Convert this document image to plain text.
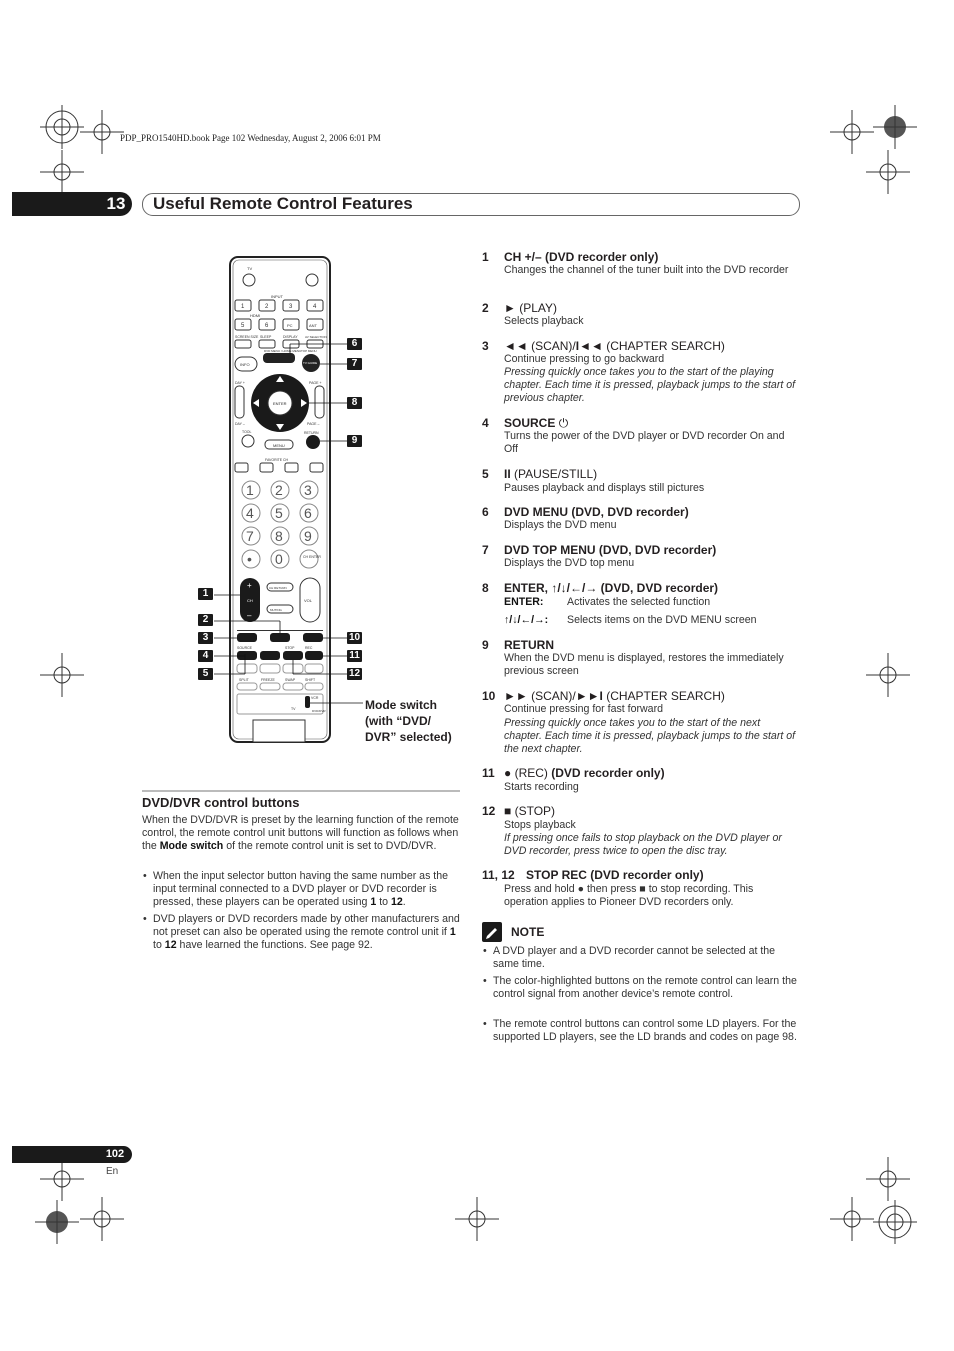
PDP_PRO1540HD.book Page 102 Wednesday, August 2, 2006 6:01 PM
13	Useful Remote Control Features
TV
INPUT
1	2	3	4
HDMI
5	6	PC	ANT
SCREEN SIZE SLEEP	DISPLAY AV SELECTION
DVD MENU / HOME MENU TOP MENU
TV GUIDE
INFO
ENTER
DAY +
DAY –
PAGE +
PAGE –
TOOL
MENU
RETURN
FAVORITE CH
1 2 3
4 5 6
7 8 9
• 0	CH ENTER
CH
+
–
VOL
CH RETURN
MUTING
SOURCE	STOP	REC
SPLIT	FREEZE	SWAP	SHIFT
TV
VCR
DVD/DVR
1
2
3
4
5
6
7
8
9
10
11
12
Mode switch
(with “DVD/
DVR” selected)
DVD/DVR control buttons
When the DVD/DVR is preset by the learning function of the remote control, the remote control unit buttons will function as follows when the Mode switch of the remote control unit is set to DVD/DVR.
• When the input selector button having the same number as the input terminal connected to a DVD player or DVD recorder is pressed, these players can be operated using 1 to 12.
• DVD players or DVD recorders made by other manufacturers and not preset can also be operated using the remote control unit if 1 to 12 have learned the functions. See page 92.
1 CH +/– (DVD recorder only)
Changes the channel of the tuner built into the DVD recorder
2 ► (PLAY)
Selects playback
3 ◄◄ (SCAN)/I◄◄ (CHAPTER SEARCH)
Continue pressing to go backward
Pressing quickly once takes you to the start of the playing chapter. Each time it is pressed, playback jumps to the start of previous chapter.
4 SOURCE ⏻
Turns the power of the DVD player or DVD recorder On and Off
5 II (PAUSE/STILL)
Pauses playback and displays still pictures
6 DVD MENU (DVD, DVD recorder)
Displays the DVD menu
7 DVD TOP MENU (DVD, DVD recorder)
Displays the DVD top menu
8 ENTER, ↑/↓/←/→ (DVD, DVD recorder)
ENTER: Activates the selected function
↑/↓/←/→: Selects items on the DVD MENU screen
9 RETURN
When the DVD menu is displayed, restores the immediately previous screen
10 ►► (SCAN)/►►I (CHAPTER SEARCH)
Continue pressing for fast forward
Pressing quickly once takes you to the start of the next chapter. Each time it is pressed, playback jumps to the start of the next chapter.
11 ● (REC) (DVD recorder only)
Starts recording
12 ■ (STOP)
Stops playback
If pressing once fails to stop playback on the DVD player or DVD recorder, press twice to open the disc tray.
11, 12 STOP REC (DVD recorder only)
Press and hold ● then press ■ to stop recording. This operation applies to Pioneer DVD recorders only.
NOTE
• A DVD player and a DVD recorder cannot be selected at the same time.
• The color-highlighted buttons on the remote control can learn the control signal from another device’s remote control.
• The remote control buttons can control some LD players. For the supported LD players, see the LD brands and codes on page 98.
102
En
